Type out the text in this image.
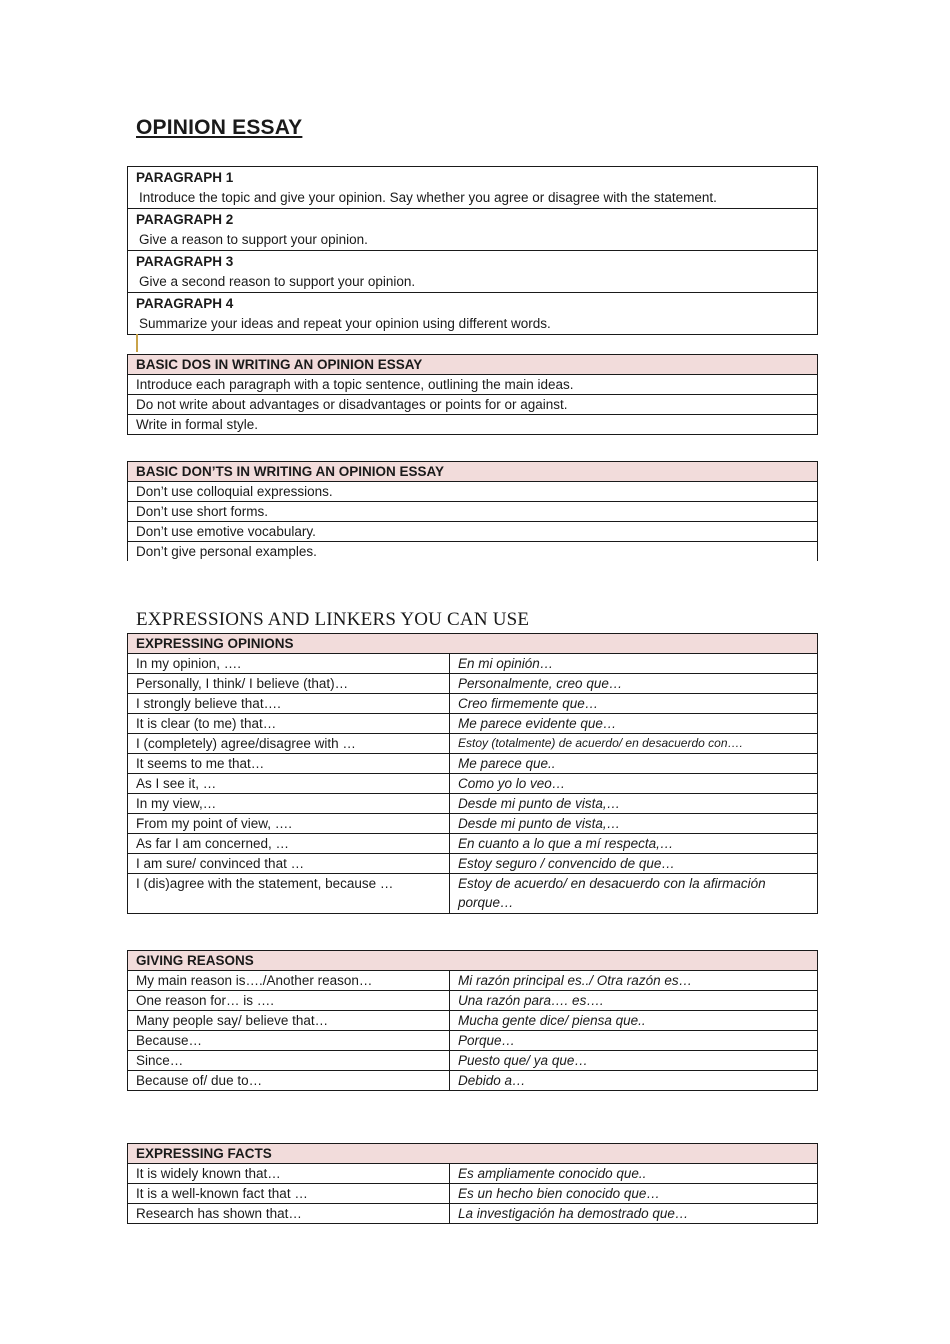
OPINION ESSAY
PARAGRAPH 1
Introduce the topic and give your opinion. Say whether you agree or disagree with the statement.

PARAGRAPH 2
Give a reason to support your opinion.

PARAGRAPH 3
Give a second reason to support your opinion.

PARAGRAPH 4
Summarize your ideas and repeat your opinion using different words.
BASIC DOS IN WRITING AN OPINION ESSAY
Introduce each paragraph with a topic sentence, outlining the main ideas.
Do not write about advantages or disadvantages or points for or against.
Write in formal style.
BASIC DON’TS IN WRITING AN OPINION ESSAY
Don’t use colloquial expressions.
Don’t use short forms.
Don’t use emotive vocabulary.
Don’t give personal examples.
EXPRESSIONS AND LINKERS YOU CAN USE
EXPRESSING OPINIONS	
In my opinion, ….	En mi opinión…
Personally, I think/ I believe (that)…	Personalmente, creo que…
I strongly believe that….	Creo firmemente que…
It is clear (to me) that…	Me parece evidente que…
I (completely) agree/disagree with …	Estoy (totalmente) de acuerdo/ en desacuerdo con….
It seems to me that…	Me parece que..
As I see it, …	Como yo lo veo…
In my view,…	Desde mi punto de vista,…
From my point of view, ….	Desde mi punto de vista,…
As far I am concerned, …	En cuanto a lo que a mí respecta,…
I am sure/ convinced that …	Estoy seguro / convencido de que…
I (dis)agree with the statement, because …	Estoy de acuerdo/ en desacuerdo con la afirmación porque…
GIVING REASONS	
My main reason is…./Another reason…	Mi razón principal es../ Otra razón es…
One reason for… is ….	Una razón para…. es….
Many people say/ believe that…	Mucha gente dice/ piensa que..
Because…	Porque…
Since…	Puesto que/ ya que…
Because of/ due to…	Debido a…
EXPRESSING FACTS	
It is widely known that…	Es ampliamente conocido que..
It is a well-known fact that …	Es un hecho bien conocido que…
Research has shown that…	La investigación ha demostrado que…
